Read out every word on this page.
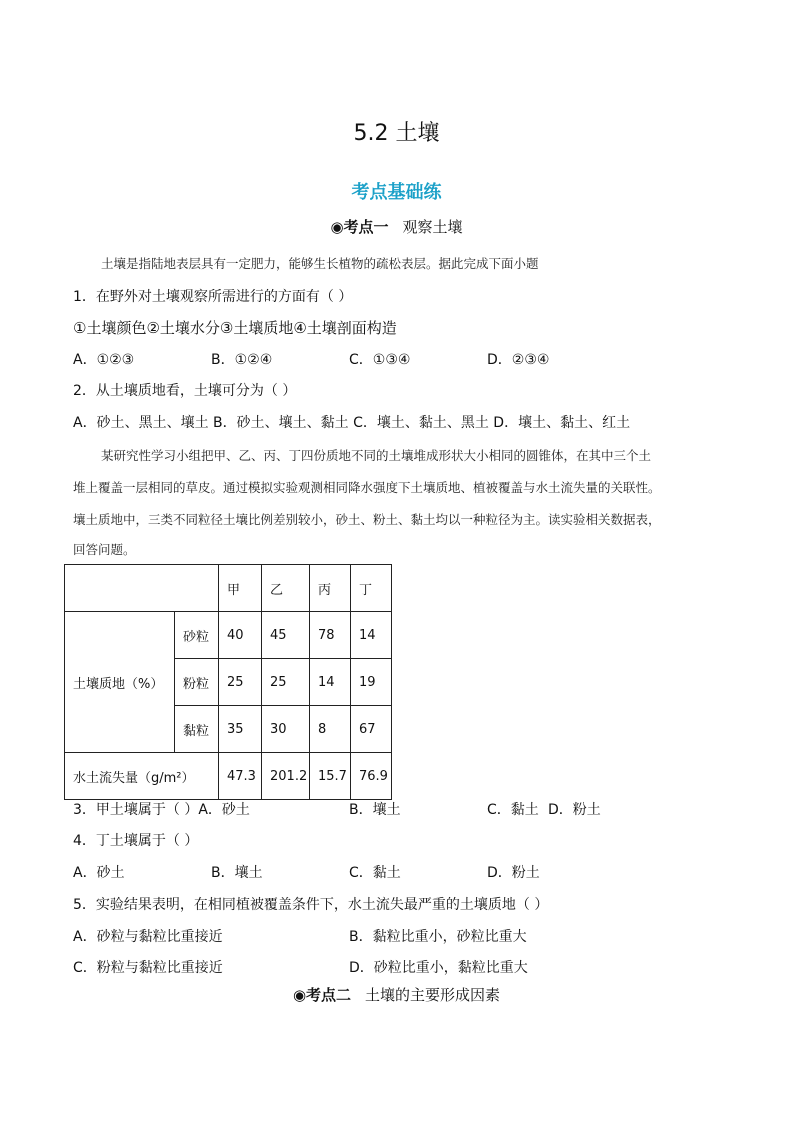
5.2 土壤
考点基础练
◉考点一 观察土壤
土壤是指陆地表层具有一定肥力，能够生长植物的疏松表层。据此完成下面小题
1．在野外对土壤观察所需进行的方面有（ ）
①土壤颜色②土壤水分③土壤质地④土壤剖面构造
A．①②③	B．①②④	C．①③④	D．②③④
2．从土壤质地看，土壤可分为（ ）
A．砂土、黑土、壤土 B．砂土、壤土、黏土 C．壤土、黏土、黑土 D．壤土、黏土、红土
某研究性学习小组把甲、乙、丙、丁四份质地不同的土壤堆成形状大小相同的圆锥体，在其中三个土
堆上覆盖一层相同的草皮。通过模拟实验观测相同降水强度下土壤质地、植被覆盖与水土流失量的关联性。
壤土质地中，三类不同粒径土壤比例差别较小，砂土、粉土、黏土均以一种粒径为主。读实验相关数据表，
回答问题。
		甲	乙	丙	丁
土壤质地（%）	砂粒	40	45	78	14
	粉粒	25	25	14	19
	黏粒	35	30	8	67
水土流失量（g/m²）		47.3	201.2	15.7	76.9
3．甲土壤属于（ ）A．砂土	B．壤土	C．黏土 D．粉土
4．丁土壤属于（ ）
A．砂土	B．壤土	C．黏土	D．粉土
5．实验结果表明，在相同植被覆盖条件下，水土流失最严重的土壤质地（ ）
A．砂粒与黏粒比重接近	B．黏粒比重小，砂粒比重大
C．粉粒与黏粒比重接近	D．砂粒比重小，黏粒比重大
◉考点二 土壤的主要形成因素
